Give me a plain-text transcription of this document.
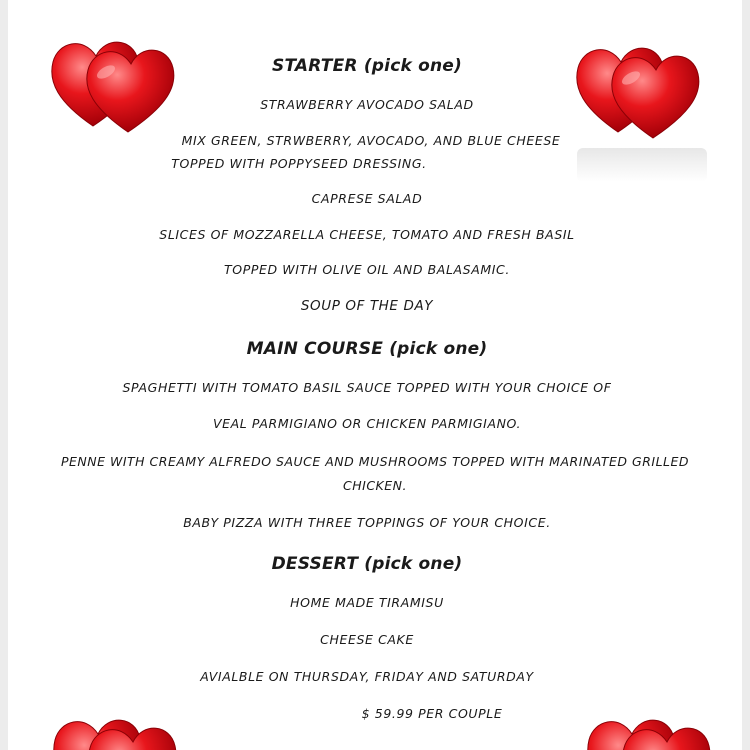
STARTER (pick one)
STRAWBERRY AVOCADO SALAD
MIX GREEN, STRWBERRY, AVOCADO, AND BLUE CHEESE
TOPPED WITH POPPYSEED DRESSING.
CAPRESE SALAD
SLICES OF MOZZARELLA CHEESE, TOMATO AND FRESH BASIL
TOPPED WITH OLIVE OIL AND BALASAMIC.
SOUP OF THE DAY
MAIN COURSE (pick one)
SPAGHETTI WITH TOMATO BASIL SAUCE TOPPED WITH YOUR CHOICE OF
VEAL PARMIGIANO OR CHICKEN PARMIGIANO.
PENNE WITH CREAMY ALFREDO SAUCE AND MUSHROOMS TOPPED WITH MARINATED GRILLED CHICKEN.
BABY PIZZA WITH THREE TOPPINGS OF YOUR CHOICE.
DESSERT (pick one)
HOME MADE TIRAMISU
CHEESE CAKE
AVIALBLE ON THURSDAY, FRIDAY AND SATURDAY
$ 59.99 PER COUPLE
